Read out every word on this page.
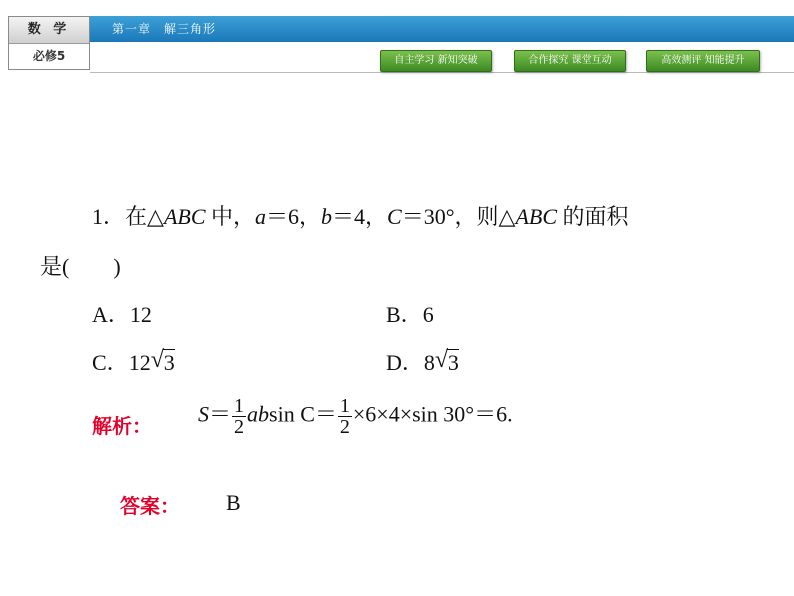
第一章　解三角形
数 学
必修5	自主学习 新知突破	合作探究 课堂互动	高效测评 知能提升
1．在△ABC 中，a＝6，b＝4，C＝30°，则△ABC 的面积
是(　　)
A．12	B．6
C．12 √ 3	D．8 √ 3
解析： $S= \frac{1}{2}$ absin $C= \frac{1}{2} \times 6\times 4\times\sin$ 30°＝6.
答案： B
